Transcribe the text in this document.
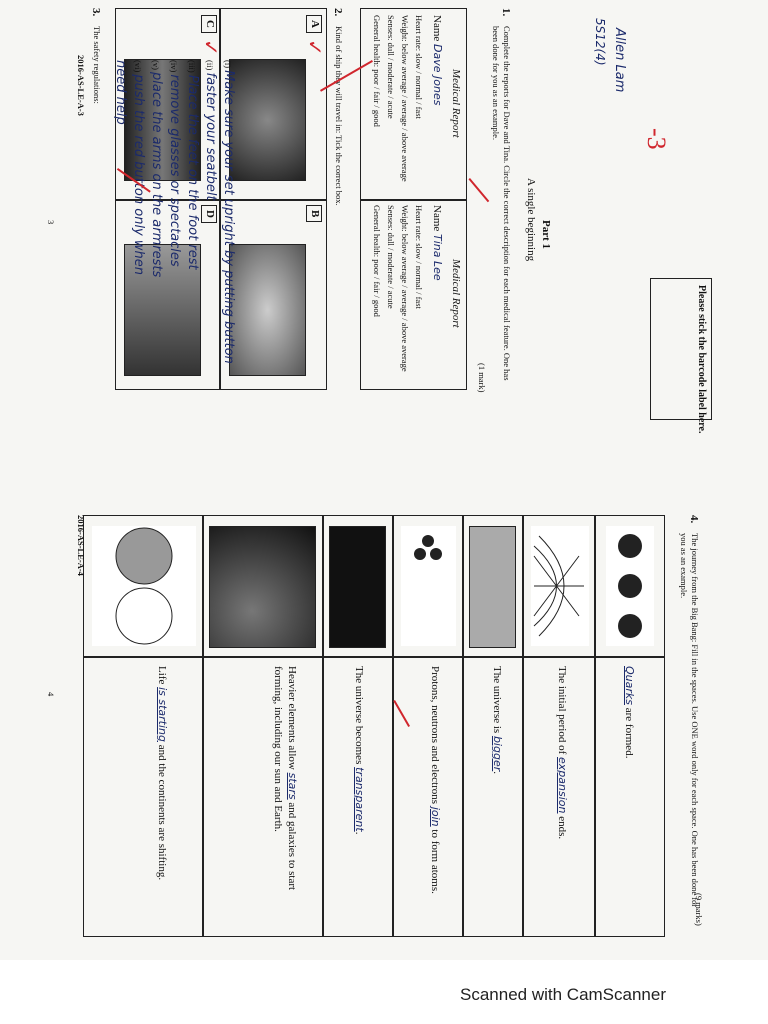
Please stick the barcode label here.
Allen Lam
5S12(4)
-3
Part 1
A single beginning
1.
Complete the reports for Dave and Tina. Circle the correct description for each medical feature. One has been done for you as an example.
(1 mark)
Medical Report
Name Dave Jones
Heart rate: slow / normal / fast
Weight: below average / average / above average
Senses: dull / moderate / acute
General health: poor / fair / good
Medical Report
Name Tina Lee
Heart rate: slow / normal / fast
Weight: below average / average / above average
Senses: dull / moderate / acute
General health: poor / fair / good
2.
Kind of ship they will travel in: Tick the correct box.
A
B
C
D
✓
✓
3.
The safety regulations:	(i) Make sure your set upright by putting button
(ii) faster your seatbelt
(iii) Place the feet on the foot rest
(iv) remove glasses or spectacles
(v) place the arms on the armrests
(vi) push the red button only when
need help
2016-AS-LE-A-3
3
4.
The journey from the Big Bang: Fill in the spaces. Use ONE word only for each space. One has been done for you as an example.
(9 marks)
Quarks are formed.
The initial period of expansion ends.
The universe is bigger.
Protons, neutrons and electrons join to form atoms.
The universe becomes transparent.
Heavier elements allow stars and galaxies to start forming, including our sun and Earth.
Life is starting and the continents are shifting.
2016-AS-LE-A-4
4
Scanned with CamScanner
